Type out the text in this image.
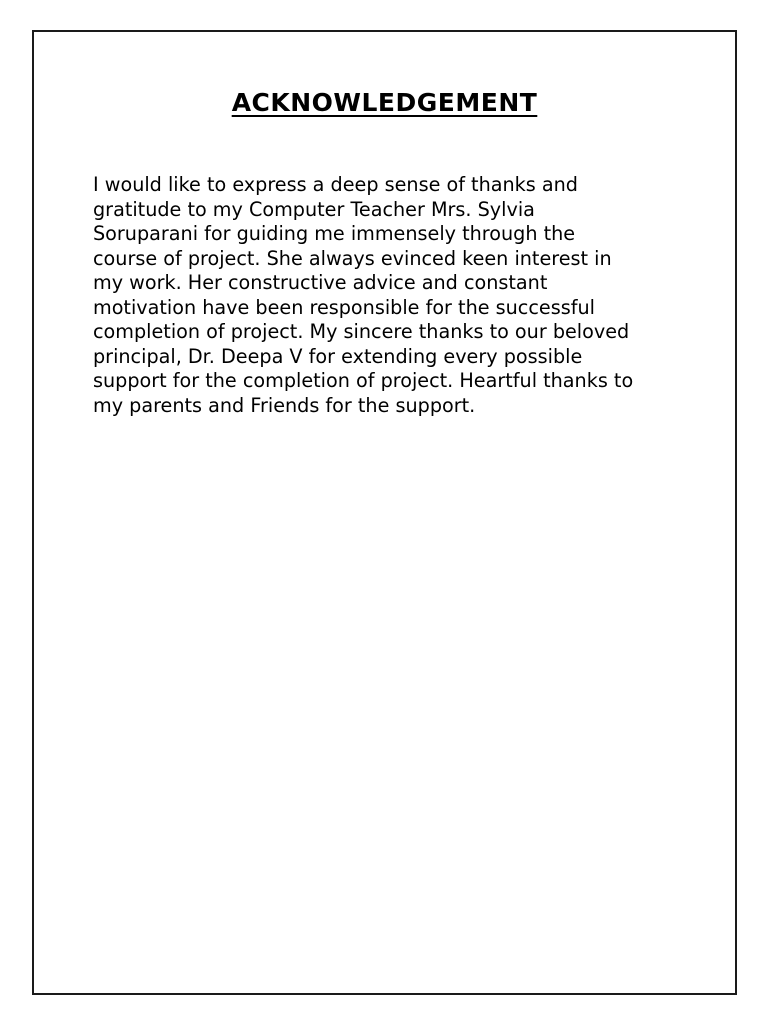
ACKNOWLEDGEMENT

I would like to express a deep sense of thanks and
gratitude to my Computer Teacher Mrs. Sylvia
Soruparani for guiding me immensely through the
course of project. She always evinced keen interest in
my work. Her constructive advice and constant
motivation have been responsible for the successful
completion of project. My sincere thanks to our beloved
principal, Dr. Deepa V for extending every possible
support for the completion of project. Heartful thanks to
my parents and Friends for the support.
